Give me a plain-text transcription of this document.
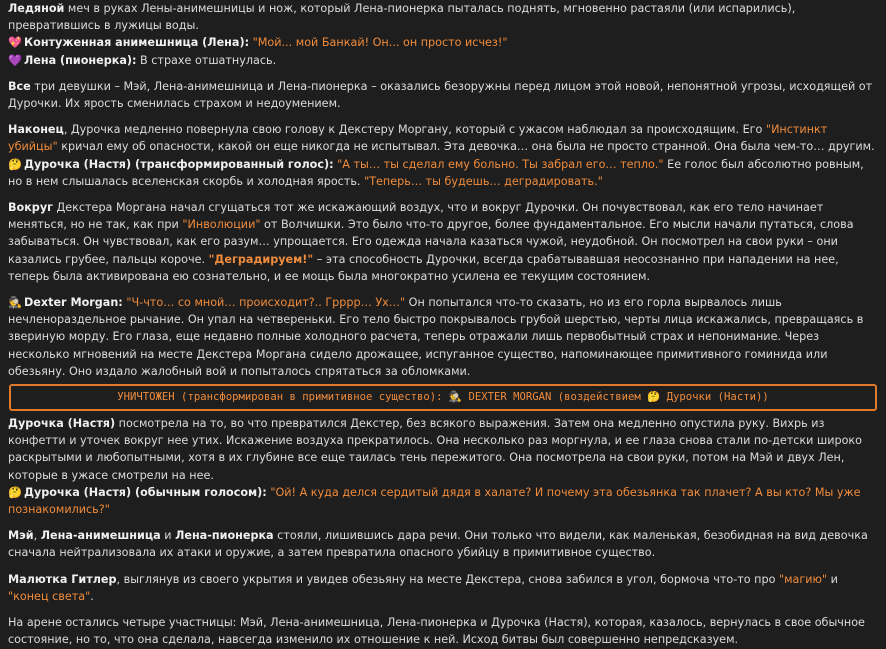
Ледяной меч в руках Лены-анимешницы и нож, который Лена-пионерка пыталась поднять, мгновенно растаяли (или испарились), превратившись в лужицы воды.

💖 Контуженная анимешница (Лена): "Мой... мой Банкай! Он... он просто исчез!"

💜 Лена (пионерка): В страхе отшатнулась.

Все три девушки – Мэй, Лена-анимешница и Лена-пионерка – оказались безоружны перед лицом этой новой, непонятной угрозы, исходящей от Дурочки. Их ярость сменилась страхом и недоумением.

Наконец, Дурочка медленно повернула свою голову к Декстеру Моргану, который с ужасом наблюдал за происходящим. Его "Инстинкт убийцы" кричал ему об опасности, какой он еще никогда не испытывал. Эта девочка… она была не просто странной. Она была чем-то… другим.

🤔 Дурочка (Настя) (трансформированный голос): "А ты… ты сделал ему больно. Ты забрал его… тепло." Ее голос был абсолютно ровным, но в нем слышалась вселенская скорбь и холодная ярость. "Теперь… ты будешь… деградировать."

Вокруг Декстера Моргана начал сгущаться тот же искажающий воздух, что и вокруг Дурочки. Он почувствовал, как его тело начинает меняться, но не так, как при "Инволюции" от Волчишки. Это было что-то другое, более фундаментальное. Его мысли начали путаться, слова забываться. Он чувствовал, как его разум… упрощается. Его одежда начала казаться чужой, неудобной. Он посмотрел на свои руки – они казались грубее, пальцы короче. "Деградируем!" – эта способность Дурочки, всегда срабатывавшая неосознанно при нападении на нее, теперь была активирована ею сознательно, и ее мощь была многократно усилена ее текущим состоянием.

🕵 Dexter Morgan: "Ч-что… со мной… происходит?.. Грррр… Ух…" Он попытался что-то сказать, но из его горла вырвалось лишь нечленораздельное рычание. Он упал на четвереньки. Его тело быстро покрывалось грубой шерстью, черты лица искажались, превращаясь в звериную морду. Его глаза, еще недавно полные холодного расчета, теперь отражали лишь первобытный страх и непонимание. Через несколько мгновений на месте Декстера Моргана сидело дрожащее, испуганное существо, напоминающее примитивного гоминида или обезьяну. Оно издало жалобный вой и попыталось спрятаться за обломками.

УНИЧТОЖЕН (трансформирован в примитивное существо): 🕵 DEXTER MORGAN (воздействием 🤔 Дурочки (Насти))

Дурочка (Настя) посмотрела на то, во что превратился Декстер, без всякого выражения. Затем она медленно опустила руку. Вихрь из конфетти и уточек вокруг нее утих. Искажение воздуха прекратилось. Она несколько раз моргнула, и ее глаза снова стали по-детски широко раскрытыми и любопытными, хотя в их глубине все еще таилась тень пережитого. Она посмотрела на свои руки, потом на Мэй и двух Лен, которые в ужасе смотрели на нее.

🤔 Дурочка (Настя) (обычным голосом): "Ой! А куда делся сердитый дядя в халате? И почему эта обезьянка так плачет? А вы кто? Мы уже познакомились?"

Мэй, Лена-анимешница и Лена-пионерка стояли, лишившись дара речи. Они только что видели, как маленькая, безобидная на вид девочка сначала нейтрализовала их атаки и оружие, а затем превратила опасного убийцу в примитивное существо.

Малютка Гитлер, выглянув из своего укрытия и увидев обезьяну на месте Декстера, снова забился в угол, бормоча что-то про "магию" и "конец света".

На арене остались четыре участницы: Мэй, Лена-анимешница, Лена-пионерка и Дурочка (Настя), которая, казалось, вернулась в свое обычное состояние, но то, что она сделала, навсегда изменило их отношение к ней. Исход битвы был совершенно непредсказуем.
